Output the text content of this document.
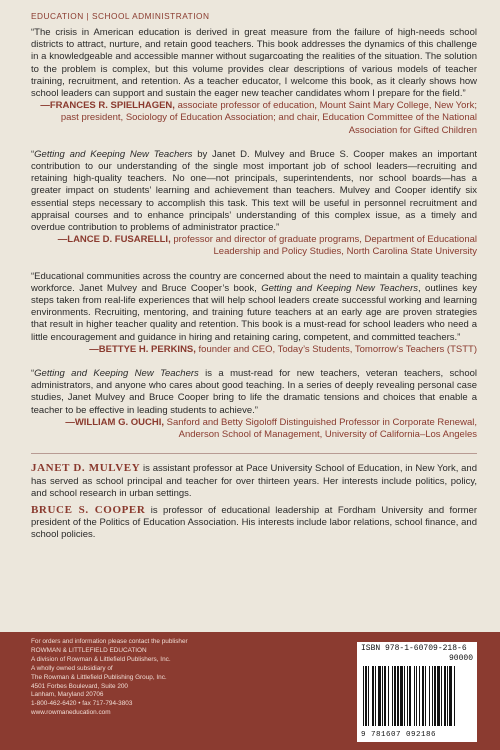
EDUCATION | SCHOOL ADMINISTRATION

“The crisis in American education is derived in great measure from the failure of high-needs school districts to attract, nurture, and retain good teachers. This book addresses the dynamics of this challenge in a knowledgeable and accessible manner without sugarcoating the realities of the situation. The solution to the problem is complex, but this volume provides clear descriptions of various models of teacher training, recruitment, and retention. As a teacher educator, I welcome this book, as it clearly shows how school leaders can support and sustain the eager new teacher candidates whom I prepare for the field.”

—FRANCES R. SPIELHAGEN, associate professor of education, Mount Saint Mary College, New York; past president, Sociology of Education Association; and chair, Education Committee of the National Association for Gifted Children

“Getting and Keeping New Teachers by Janet D. Mulvey and Bruce S. Cooper makes an important contribution to our understanding of the single most important job of school leaders—recruiting and retaining high-quality teachers. No one—not principals, superintendents, nor school boards—has a greater impact on students’ learning and achievement than teachers. Mulvey and Cooper identify six essential steps necessary to accomplish this task. This text will be useful in personnel recruitment and appraisal courses and to enhance principals’ understanding of this complex issue, as a timely and overdue contribution to problems of administrator practice.”

—LANCE D. FUSARELLI, professor and director of graduate programs, Department of Educational Leadership and Policy Studies, North Carolina State University

“Educational communities across the country are concerned about the need to maintain a quality teaching workforce. Janet Mulvey and Bruce Cooper’s book, Getting and Keeping New Teachers, outlines key steps taken from real-life experiences that will help school leaders create successful working and learning environments. Recruiting, mentoring, and training future teachers at an early age are proven strategies that result in higher teacher quality and retention. This book is a must-read for school leaders who need a little encouragement and guidance in hiring and retaining caring, competent, and committed teachers.”

—BETTYE H. PERKINS, founder and CEO, Today’s Students, Tomorrow’s Teachers (TSTT)

“Getting and Keeping New Teachers is a must-read for new teachers, veteran teachers, school administrators, and anyone who cares about good teaching. In a series of deeply revealing personal case studies, Janet Mulvey and Bruce Cooper bring to life the dramatic tensions and choices that enable a teacher to be effective in leading students to achieve.”

—WILLIAM G. OUCHI, Sanford and Betty Sigoloff Distinguished Professor in Corporate Renewal, Anderson School of Management, University of California–Los Angeles

JANET D. MULVEY is assistant professor at Pace University School of Education, in New York, and has served as school principal and teacher for over thirteen years. Her interests include politics, policy, and school research in urban settings.

BRUCE S. COOPER is professor of educational leadership at Fordham University and former president of the Politics of Education Association. His interests include labor relations, school finance, and school policies.

For orders and information please contact the publisher
ROWMAN & LITTLEFIELD EDUCATION
A division of Rowman & Littlefield Publishers, Inc.
A wholly owned subsidiary of
The Rowman & Littlefield Publishing Group, Inc.
4501 Forbes Boulevard, Suite 200
Lanham, Maryland 20706
1-800-462-6420 • fax 717-794-3803
www.rowmaneducation.com
ISBN 978-1-60709-218-6
90000
9 781607 092186
